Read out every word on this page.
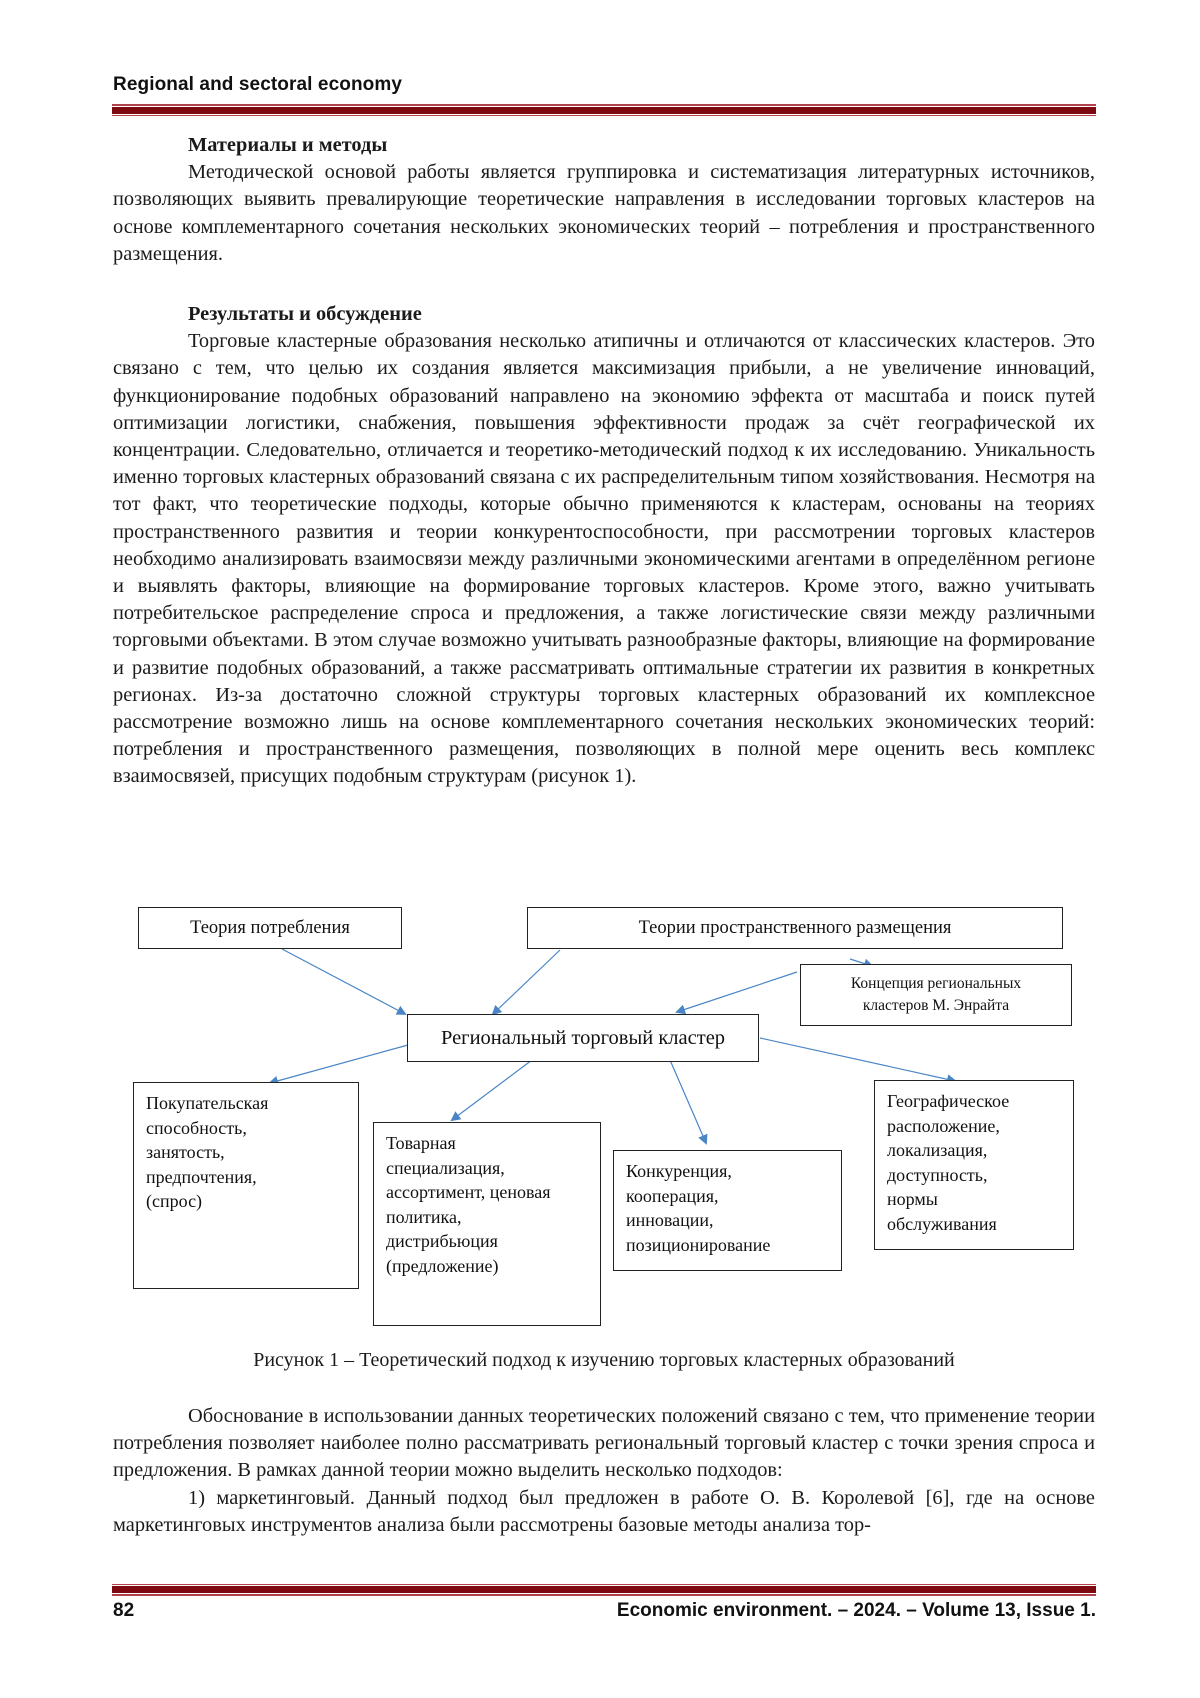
Regional and sectoral economy
Материалы и методы

Методической основой работы является группировка и систематизация литературных источников, позволяющих выявить превалирующие теоретические направления в исследовании торговых кластеров на основе комплементарного сочетания нескольких экономических теорий – потребления и пространственного размещения.

Результаты и обсуждение

Торговые кластерные образования несколько атипичны и отличаются от классических кластеров. Это связано с тем, что целью их создания является максимизация прибыли, а не увеличение инноваций, функционирование подобных образований направлено на экономию эффекта от масштаба и поиск путей оптимизации логистики, снабжения, повышения эффективности продаж за счёт географической их концентрации. Следовательно, отличается и теоретико-методический подход к их исследованию. Уникальность именно торговых кластерных образований связана с их распределительным типом хозяйствования. Несмотря на тот факт, что теоретические подходы, которые обычно применяются к кластерам, основаны на теориях пространственного развития и теории конкурентоспособности, при рассмотрении торговых кластеров необходимо анализировать взаимосвязи между различными экономическими агентами в определённом регионе и выявлять факторы, влияющие на формирование торговых кластеров. Кроме этого, важно учитывать потребительское распределение спроса и предложения, а также логистические связи между различными торговыми объектами. В этом случае возможно учитывать разнообразные факторы, влияющие на формирование и развитие подобных образований, а также рассматривать оптимальные стратегии их развития в конкретных регионах. Из-за достаточно сложной структуры торговых кластерных образований их комплексное рассмотрение возможно лишь на основе комплементарного сочетания нескольких экономических теорий: потребления и пространственного размещения, позволяющих в полной мере оценить весь комплекс взаимосвязей, присущих подобным структурам (рисунок 1).

Теория потребления	Теории пространственного размещения
Концепция региональных
кластеров М. Энрайта
Региональный торговый кластер
Покупательская
способность,
занятость,
предпочтения,
(спрос)
Товарная
специализация,
ассортимент, ценовая
политика,
дистрибьюция
(предложение)
Конкуренция,
кооперация,
инновации,
позиционирование
Географическое
расположение,
локализация,
доступность,
нормы
обслуживания
Рисунок 1 – Теоретический подход к изучению торговых кластерных образований

Обоснование в использовании данных теоретических положений связано с тем, что применение теории потребления позволяет наиболее полно рассматривать региональный торговый кластер с точки зрения спроса и предложения. В рамках данной теории можно выделить несколько подходов:

1) маркетинговый. Данный подход был предложен в работе О. В. Королевой [6], где на основе маркетинговых инструментов анализа были рассмотрены базовые методы анализа тор-

82	Economic environment. – 2024. – Volume 13, Issue 1.
